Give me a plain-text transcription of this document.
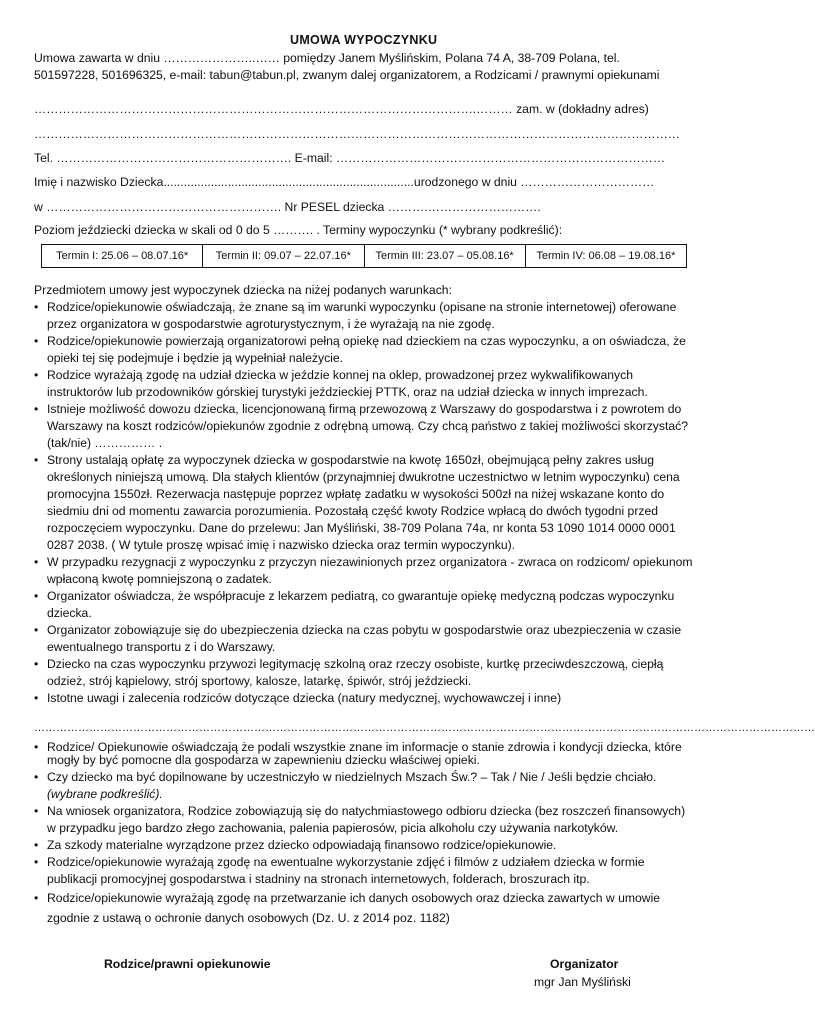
UMOWA WYPOCZYNKU
Umowa zawarta w dniu …………………..…… pomiędzy Janem Myślińskim, Polana 74 A, 38-709 Polana, tel.
501597228, 501696325, e-mail: tabun@tabun.pl, zwanym dalej organizatorem, a Rodzicami / prawnymi opiekunami
……………………………………………………………………………………………….……… zam. w (dokładny adres)
……………………………………………………………………………………………………………………………………………
Tel. …………………………………………………. E-mail: ………………………………………………………………………
Imię i nazwisko Dziecka..........................................................................urodzonego w dniu ……………………………
w …………………………………………………. Nr PESEL dziecka ……….……………………….
Poziom jeździecki dziecka w skali od 0 do 5 ………. . Terminy wypoczynku (* wybrany podkreślić):
Termin I: 25.06 – 08.07.16*	Termin II: 09.07 – 22.07.16*	Termin III: 23.07 – 05.08.16*	Termin IV: 06.08 – 19.08.16*
Przedmiotem umowy jest wypoczynek dziecka na niżej podanych warunkach:
• Rodzice/opiekunowie oświadczają, że znane są im warunki wypoczynku (opisane na stronie internetowej) oferowane przez organizatora w gospodarstwie agroturystycznym, i że wyrażają na nie zgodę.
• Rodzice/opiekunowie powierzają organizatorowi pełną opiekę nad dzieckiem na czas wypoczynku, a on oświadcza, że opieki tej się podejmuje i będzie ją wypełniał należycie.
• Rodzice wyrażają zgodę na udział dziecka w jeździe konnej na oklep, prowadzonej przez wykwalifikowanych instruktorów lub przodowników górskiej turystyki jeździeckiej PTTK, oraz na udział dziecka w innych imprezach.
• Istnieje możliwość dowozu dziecka, licencjonowaną firmą przewozową z Warszawy do gospodarstwa i z powrotem do Warszawy na koszt rodziców/opiekunów zgodnie z odrębną umową. Czy chcą państwo z takiej możliwości skorzystać? (tak/nie) …………… .
• Strony ustalają opłatę za wypoczynek dziecka w gospodarstwie na kwotę 1650zł, obejmującą pełny zakres usług określonych niniejszą umową. Dla stałych klientów (przynajmniej dwukrotne uczestnictwo w letnim wypoczynku) cena promocyjna 1550zł. Rezerwacja następuje poprzez wpłatę zadatku w wysokości 500zł na niżej wskazane konto do siedmiu dni od momentu zawarcia porozumienia. Pozostałą część kwoty Rodzice wpłacą do dwóch tygodni przed rozpoczęciem wypoczynku. Dane do przelewu: Jan Myśliński, 38-709 Polana 74a, nr konta 53 1090 1014 0000 0001 0287 2038. ( W tytule proszę wpisać imię i nazwisko dziecka oraz termin wypoczynku).
• W przypadku rezygnacji z wypoczynku z przyczyn niezawinionych przez organizatora - zwraca on rodzicom/ opiekunom wpłaconą kwotę pomniejszoną o zadatek.
• Organizator oświadcza, że współpracuje z lekarzem pediatrą, co gwarantuje opiekę medyczną podczas wypoczynku dziecka.
• Organizator zobowiązuje się do ubezpieczenia dziecka na czas pobytu w gospodarstwie oraz ubezpieczenia w czasie ewentualnego transportu z i do Warszawy.
• Dziecko na czas wypoczynku przywozi legitymację szkolną oraz rzeczy osobiste, kurtkę przeciwdeszczową, ciepłą odzież, strój kąpielowy, strój sportowy, kalosze, latarkę, śpiwór, strój jeździecki.
• Istotne uwagi i zalecenia rodziców dotyczące dziecka (natury medycznej, wychowawczej i inne)
……………………………………………………………………………………………………………………………………………………………………………………………
• Rodzice/ Opiekunowie oświadczają że podali wszystkie znane im informacje o stanie zdrowia i kondycji dziecka, które mogły by być pomocne dla gospodarza w zapewnieniu dziecku właściwej opieki.
• Czy dziecko ma być dopilnowane by uczestniczyło w niedzielnych Mszach Św.? – Tak / Nie / Jeśli będzie chciało.
(wybrane podkreślić).
• Na wniosek organizatora, Rodzice zobowiązują się do natychmiastowego odbioru dziecka (bez roszczeń finansowych) w przypadku jego bardzo złego zachowania, palenia papierosów, picia alkoholu czy używania narkotyków.
• Za szkody materialne wyrządzone przez dziecko odpowiadają finansowo rodzice/opiekunowie.
• Rodzice/opiekunowie wyrażają zgodę na ewentualne wykorzystanie zdjęć i filmów z udziałem dziecka w formie publikacji promocyjnej gospodarstwa i stadniny na stronach internetowych, folderach, broszurach itp.
• Rodzice/opiekunowie wyrażają zgodę na przetwarzanie ich danych osobowych oraz dziecka zawartych w umowie zgodnie z ustawą o ochronie danych osobowych (Dz. U. z 2014 poz. 1182)
Rodzice/prawni opiekunowie	Organizator
mgr Jan Myśliński
